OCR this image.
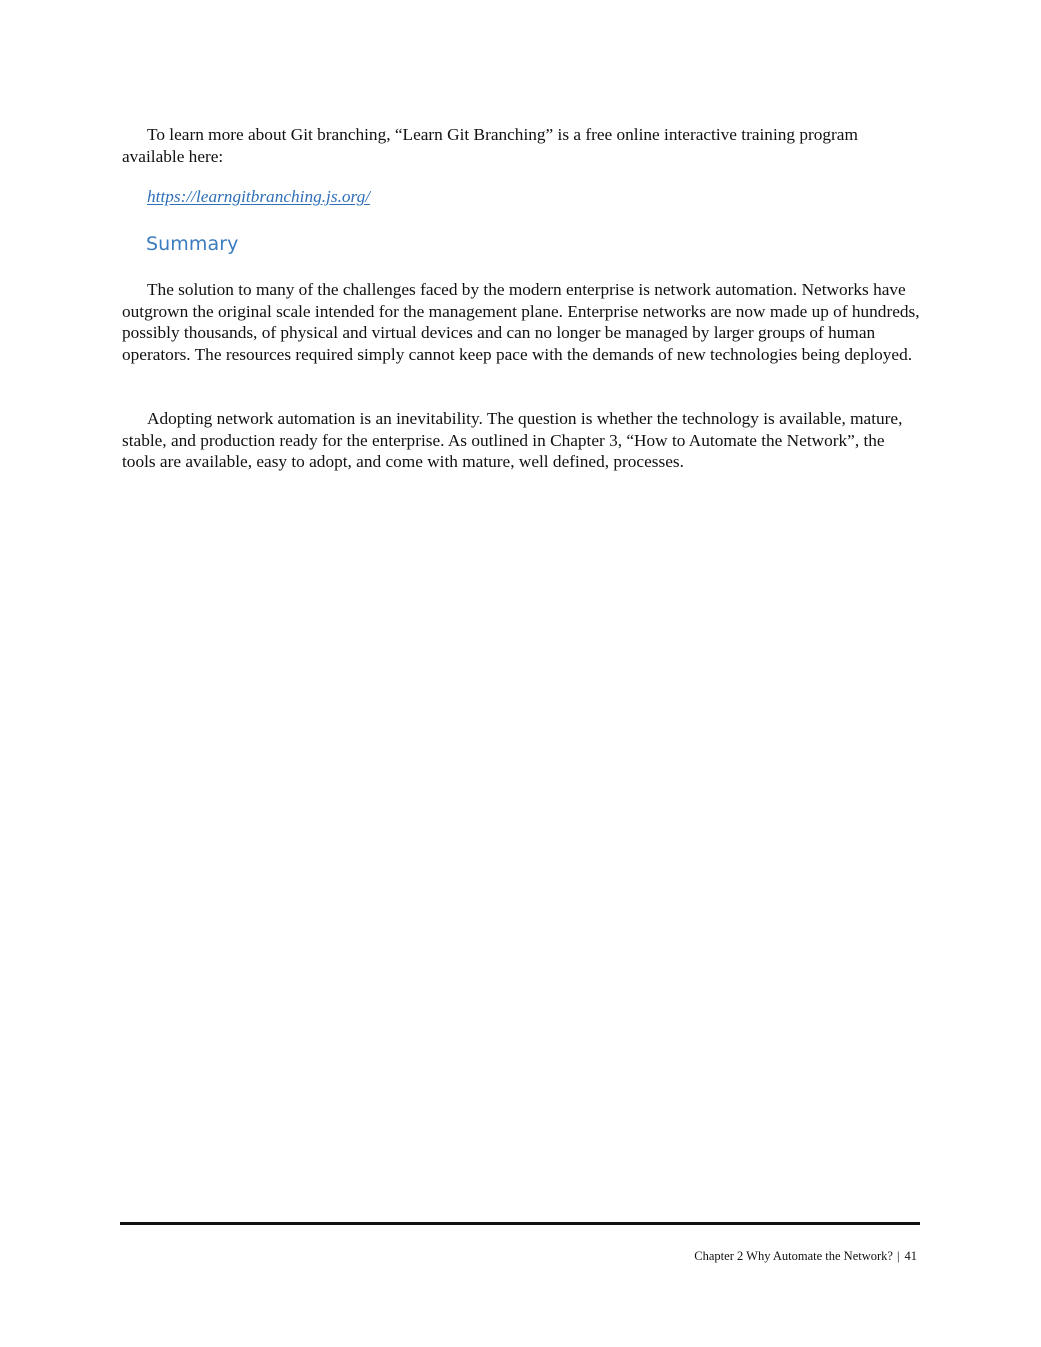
To learn more about Git branching, “Learn Git Branching” is a free online interactive training program available here:

https://learngitbranching.js.org/

Summary

The solution to many of the challenges faced by the modern enterprise is network automation. Networks have outgrown the original scale intended for the management plane. Enterprise networks are now made up of hundreds, possibly thousands, of physical and virtual devices and can no longer be managed by larger groups of human operators. The resources required simply cannot keep pace with the demands of new technologies being deployed.

Adopting network automation is an inevitability. The question is whether the technology is available, mature, stable, and production ready for the enterprise. As outlined in Chapter 3, “How to Automate the Network”, the tools are available, easy to adopt, and come with mature, well defined, processes.

Chapter 2 Why Automate the Network? | 41
